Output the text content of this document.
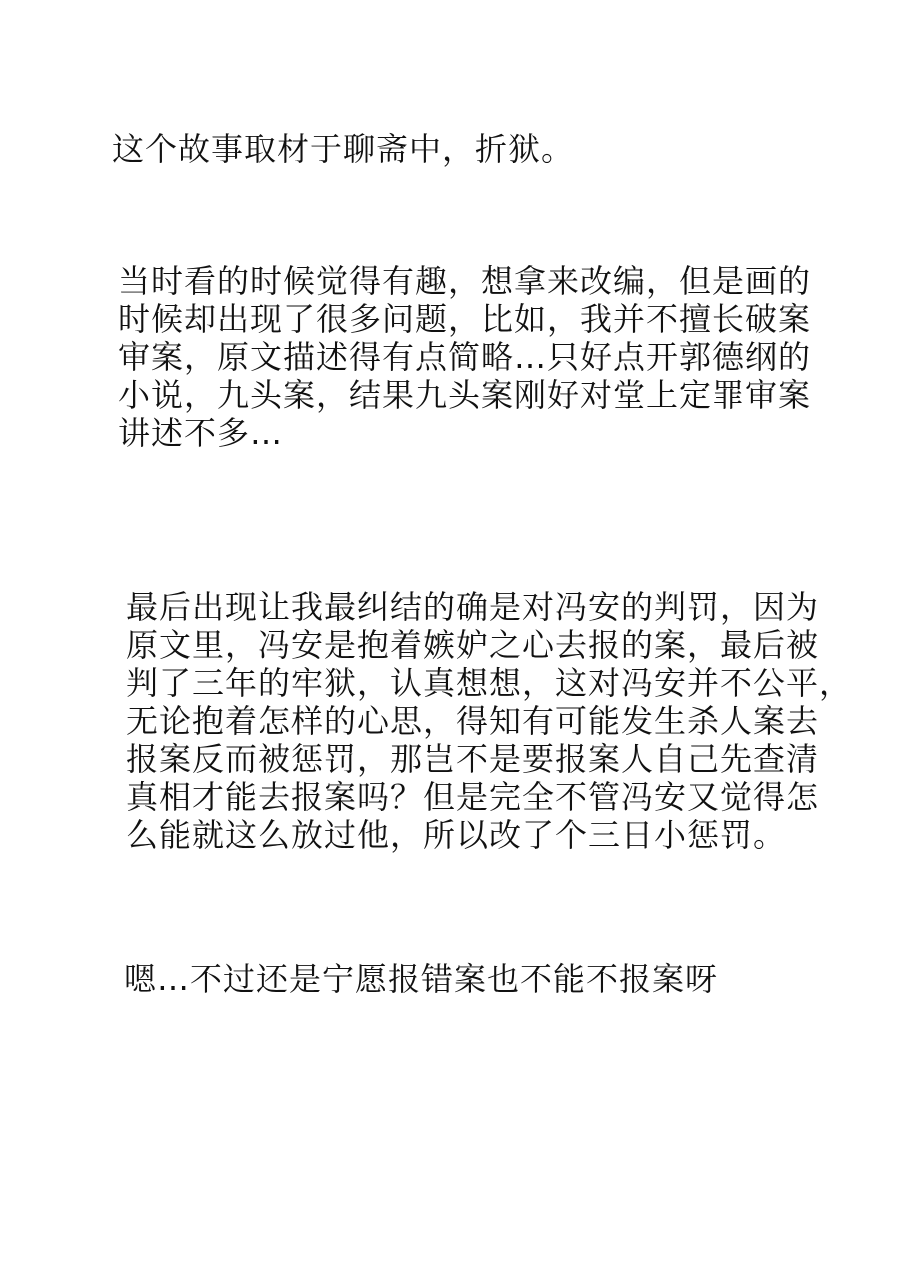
这个故事取材于聊斋中，折狱。
当时看的时候觉得有趣，想拿来改编，但是画的
时候却出现了很多问题，比如，我并不擅长破案
审案，原文描述得有点简略…只好点开郭德纲的
小说，九头案，结果九头案刚好对堂上定罪审案
讲述不多…
最后出现让我最纠结的确是对冯安的判罚，因为
原文里，冯安是抱着嫉妒之心去报的案，最后被
判了三年的牢狱，认真想想，这对冯安并不公平，
无论抱着怎样的心思，得知有可能发生杀人案去
报案反而被惩罚，那岂不是要报案人自己先查清
真相才能去报案吗？但是完全不管冯安又觉得怎
么能就这么放过他，所以改了个三日小惩罚。
嗯…不过还是宁愿报错案也不能不报案呀
